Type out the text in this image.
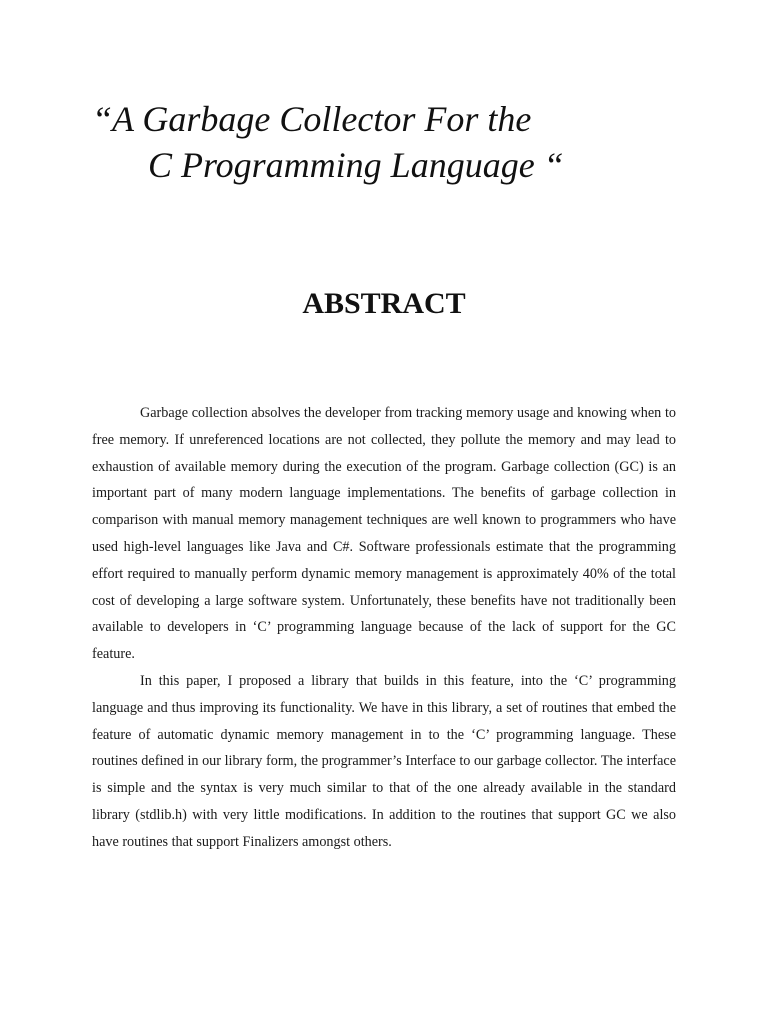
“A Garbage Collector For the
C Programming Language “
ABSTRACT

Garbage collection absolves the developer from tracking memory usage and knowing when to free memory. If unreferenced locations are not collected, they pollute the memory and may lead to exhaustion of available memory during the execution of the program. Garbage collection (GC) is an important part of many modern language implementations. The benefits of garbage collection in comparison with manual memory management techniques are well known to programmers who have used high-level languages like Java and C#. Software professionals estimate that the programming effort required to manually perform dynamic memory management is approximately 40% of the total cost of developing a large software system. Unfortunately, these benefits have not traditionally been available to developers in ‘C’ programming language because of the lack of support for the GC feature.

In this paper, I proposed a library that builds in this feature, into the ‘C’ programming language and thus improving its functionality. We have in this library, a set of routines that embed the feature of automatic dynamic memory management in to the ‘C’ programming language. These routines defined in our library form, the programmer’s Interface to our garbage collector. The interface is simple and the syntax is very much similar to that of the one already available in the standard library (stdlib.h) with very little modifications. In addition to the routines that support GC we also have routines that support Finalizers amongst others.
